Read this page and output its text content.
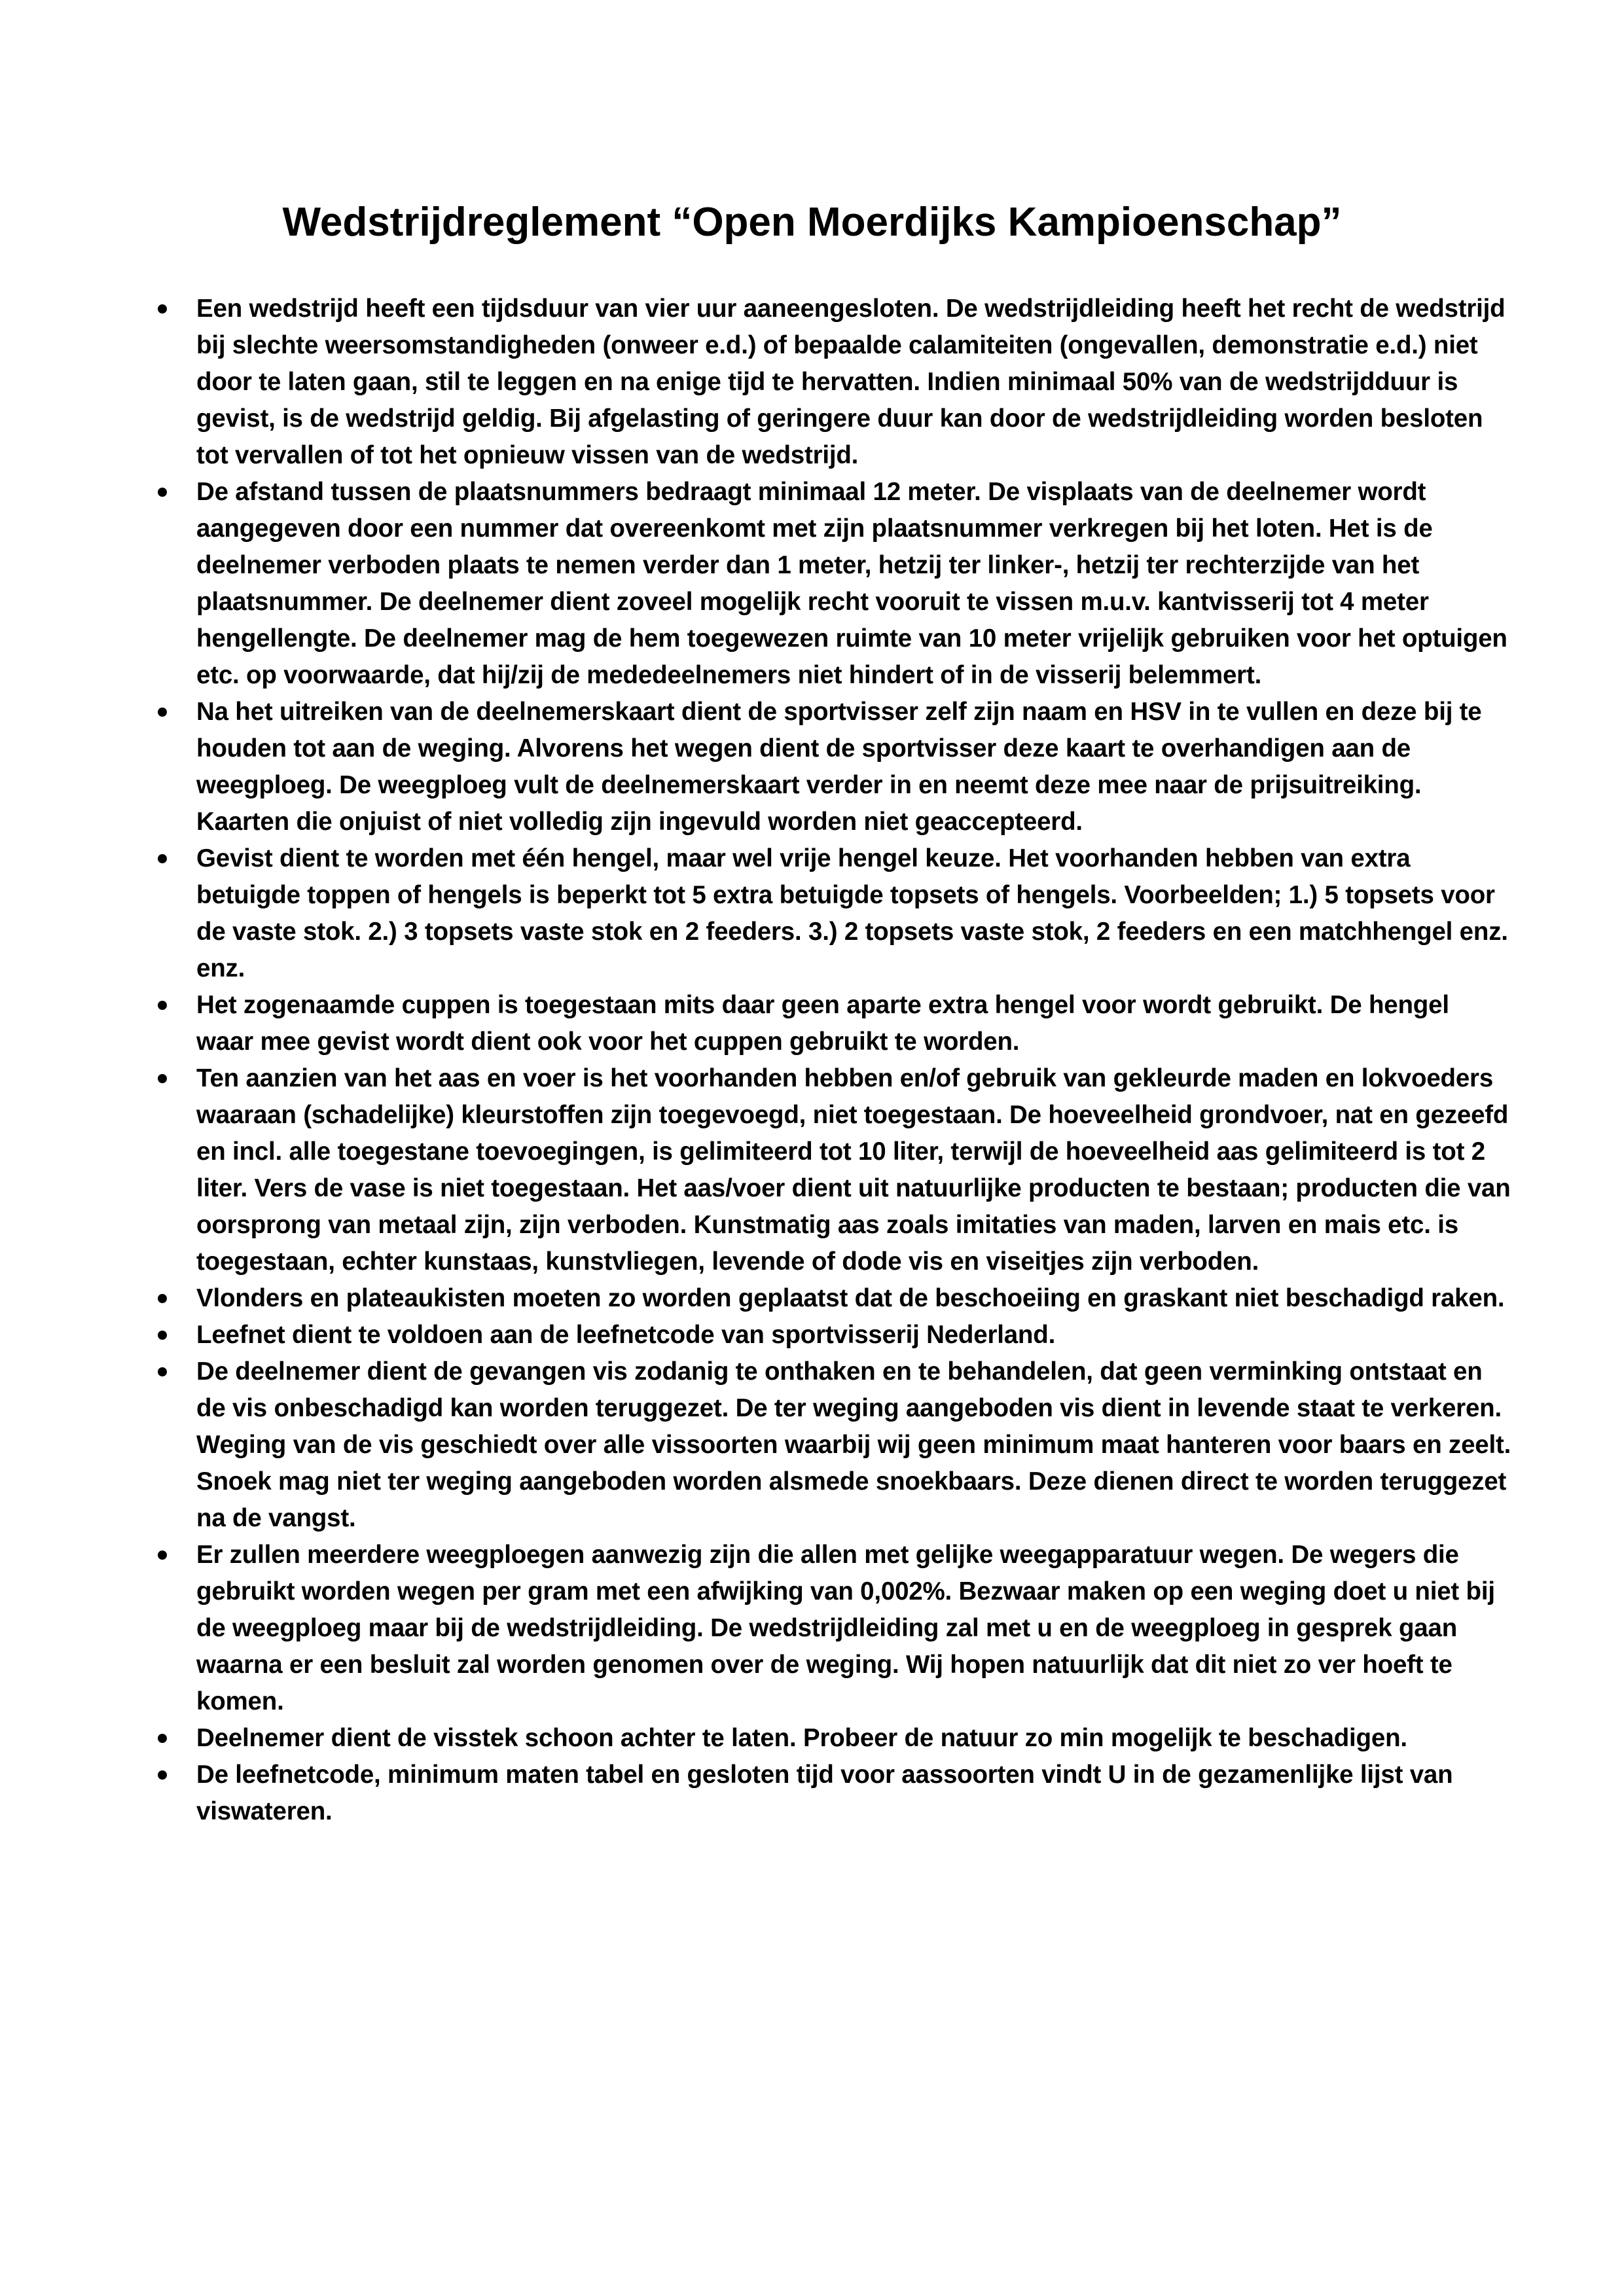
Wedstrijdreglement “Open Moerdijks Kampioenschap”
Een wedstrijd heeft een tijdsduur van vier uur aaneengesloten. De wedstrijdleiding heeft het recht de wedstrijd bij slechte weersomstandigheden (onweer e.d.) of bepaalde calamiteiten (ongevallen, demonstratie e.d.) niet door te laten gaan, stil te leggen en na enige tijd te hervatten. Indien minimaal 50% van de wedstrijdduur is gevist, is de wedstrijd geldig. Bij afgelasting of geringere duur kan door de wedstrijdleiding worden besloten tot vervallen of tot het opnieuw vissen van de wedstrijd.
De afstand tussen de plaatsnummers bedraagt minimaal 12 meter. De visplaats van de deelnemer wordt aangegeven door een nummer dat overeenkomt met zijn plaatsnummer verkregen bij het loten. Het is de deelnemer verboden plaats te nemen verder dan 1 meter, hetzij ter linker-, hetzij ter rechterzijde van het plaatsnummer. De deelnemer dient zoveel mogelijk recht vooruit te vissen m.u.v. kantvisserij tot 4 meter hengellengte. De deelnemer mag de hem toegewezen ruimte van 10 meter vrijelijk gebruiken voor het optuigen etc. op voorwaarde, dat hij/zij de mededeelnemers niet hindert of in de visserij belemmert.
Na het uitreiken van de deelnemerskaart dient de sportvisser zelf zijn naam en HSV in te vullen en deze bij te houden tot aan de weging. Alvorens het wegen dient de sportvisser deze kaart te overhandigen aan de weegploeg. De weegploeg vult de deelnemerskaart verder in en neemt deze mee naar de prijsuitreiking. Kaarten die onjuist of niet volledig zijn ingevuld worden niet geaccepteerd.
Gevist dient te worden met één hengel, maar wel vrije hengel keuze. Het voorhanden hebben van extra betuigde toppen of hengels is beperkt tot 5 extra betuigde topsets of hengels. Voorbeelden; 1.) 5 topsets voor de vaste stok. 2.) 3 topsets vaste stok en 2 feeders. 3.) 2 topsets vaste stok, 2 feeders en een matchhengel enz. enz.
Het zogenaamde cuppen is toegestaan mits daar geen aparte extra hengel voor wordt gebruikt. De hengel waar mee gevist wordt dient ook voor het cuppen gebruikt te worden.
Ten aanzien van het aas en voer is het voorhanden hebben en/of gebruik van gekleurde maden en lokvoeders waaraan (schadelijke) kleurstoffen zijn toegevoegd, niet toegestaan. De hoeveelheid grondvoer, nat en gezeefd en incl. alle toegestane toevoegingen, is gelimiteerd tot 10 liter, terwijl de hoeveelheid aas gelimiteerd is tot 2 liter. Vers de vase is niet toegestaan. Het aas/voer dient uit natuurlijke producten te bestaan; producten die van oorsprong van metaal zijn, zijn verboden. Kunstmatig aas zoals imitaties van maden, larven en mais etc. is toegestaan, echter kunstaas, kunstvliegen, levende of dode vis en viseitjes zijn verboden.
Vlonders en plateaukisten moeten zo worden geplaatst dat de beschoeiing en graskant niet beschadigd raken.
Leefnet dient te voldoen aan de leefnetcode van sportvisserij Nederland.
De deelnemer dient de gevangen vis zodanig te onthaken en te behandelen, dat geen verminking ontstaat en de vis onbeschadigd kan worden teruggezet. De ter weging aangeboden vis dient in levende staat te verkeren. Weging van de vis geschiedt over alle vissoorten waarbij wij geen minimum maat hanteren voor baars en zeelt. Snoek mag niet ter weging aangeboden worden alsmede snoekbaars. Deze dienen direct te worden teruggezet na de vangst.
Er zullen meerdere weegploegen aanwezig zijn die allen met gelijke weegapparatuur wegen. De wegers die gebruikt worden wegen per gram met een afwijking van 0,002%. Bezwaar maken op een weging doet u niet bij de weegploeg maar bij de wedstrijdleiding. De wedstrijdleiding zal met u en de weegploeg in gesprek gaan waarna er een besluit zal worden genomen over de weging. Wij hopen natuurlijk dat dit niet zo ver hoeft te komen.
Deelnemer dient de visstek schoon achter te laten. Probeer de natuur zo min mogelijk te beschadigen.
De leefnetcode, minimum maten tabel en gesloten tijd voor aassoorten vindt U in de gezamenlijke lijst van viswateren.
